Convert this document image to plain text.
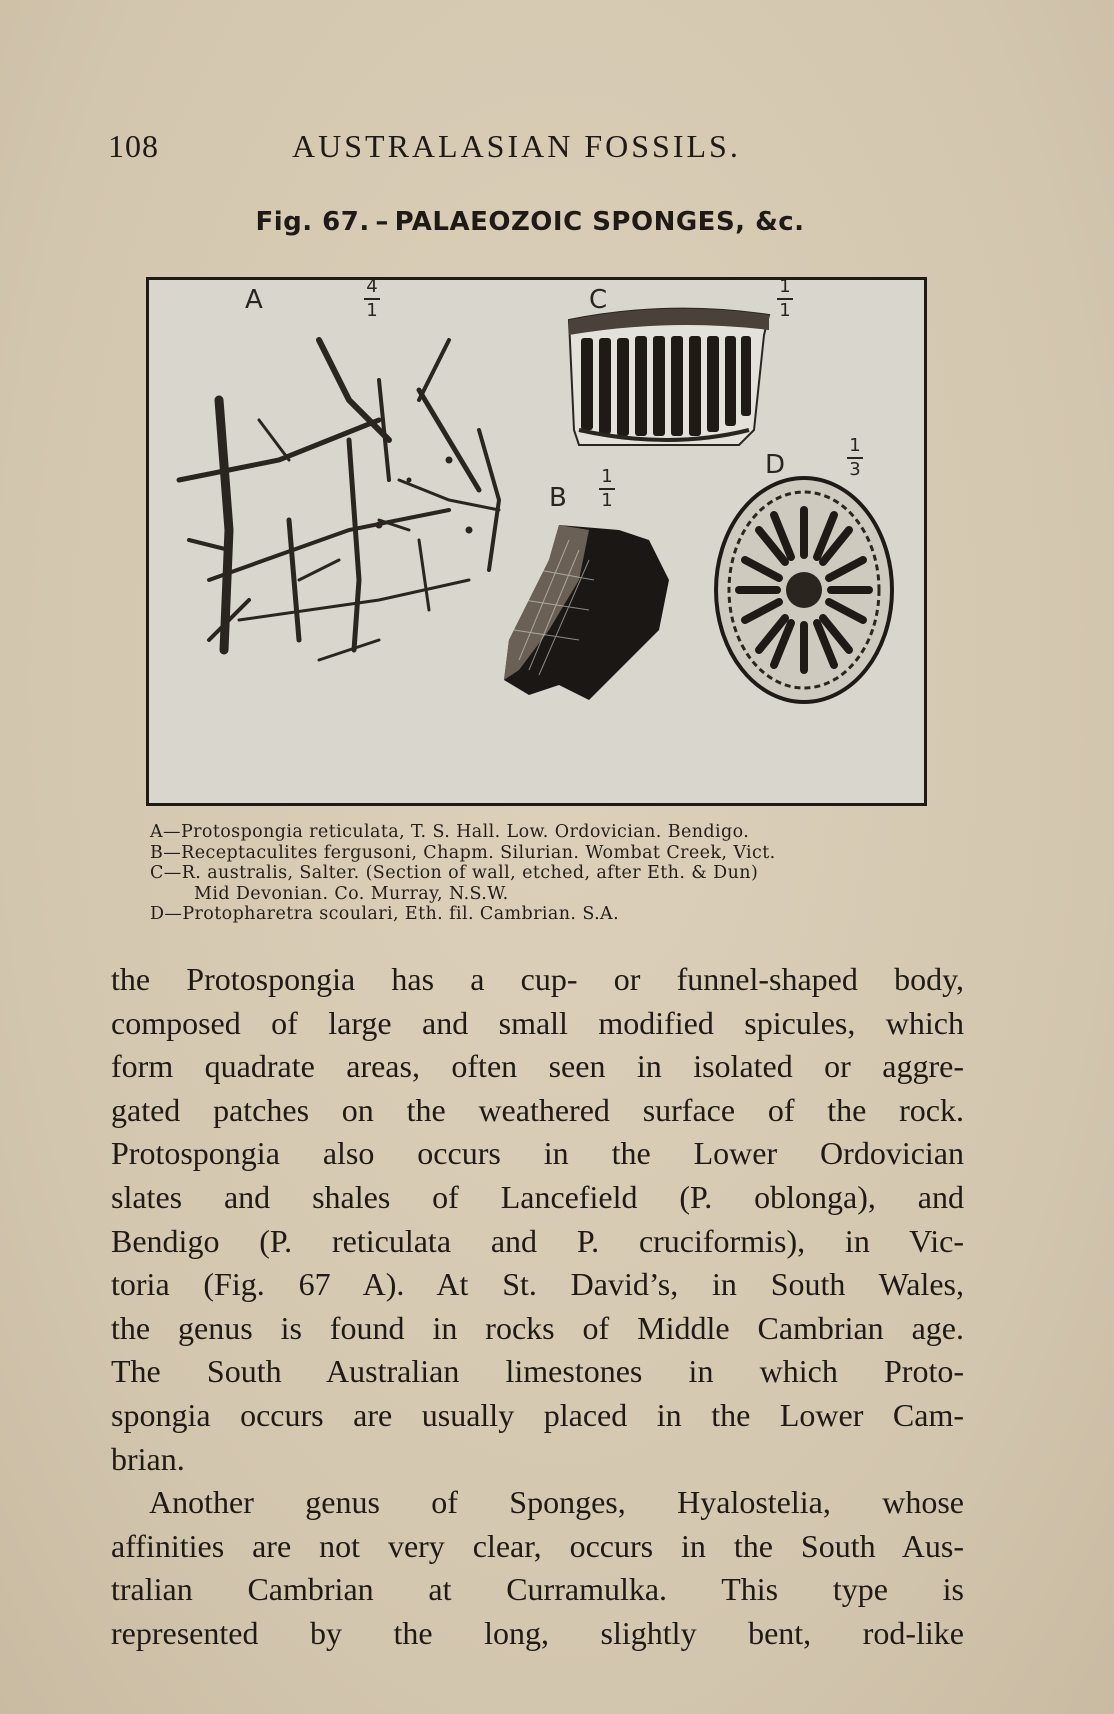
108	AUSTRALASIAN FOSSILS.
Fig. 67. – PALAEOZOIC SPONGES, &c.
A	4
1	C	1
1
B
1
1
D
1
3
A—Protospongia reticulata, T. S. Hall. Low. Ordovician. Bendigo.
B—Receptaculites fergusoni, Chapm. Silurian. Wombat Creek, Vict.
C—R. australis, Salter. (Section of wall, etched, after Eth. & Dun)
Mid Devonian. Co. Murray, N.S.W.
D—Protopharetra scoulari, Eth. fil. Cambrian. S.A.
the Protospongia has a cup- or funnel-shaped body,
composed of large and small modified spicules, which
form quadrate areas, often seen in isolated or aggre-
gated patches on the weathered surface of the rock.
Protospongia also occurs in the Lower Ordovician
slates and shales of Lancefield (P. oblonga), and
Bendigo (P. reticulata and P. cruciformis), in Vic-
toria (Fig. 67 A). At St. David’s, in South Wales,
the genus is found in rocks of Middle Cambrian age.
The South Australian limestones in which Proto-
spongia occurs are usually placed in the Lower Cam-
brian.
Another genus of Sponges, Hyalostelia, whose
affinities are not very clear, occurs in the South Aus-
tralian Cambrian at Curramulka. This type is
represented by the long, slightly bent, rod-like
